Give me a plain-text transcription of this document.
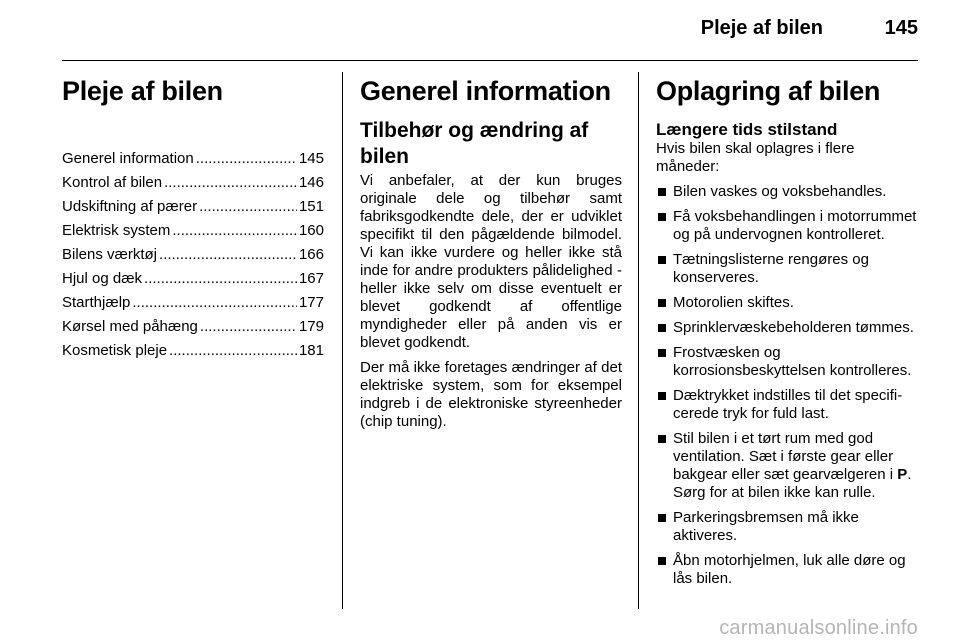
Pleje af bilen	145
Pleje af bilen
Generel information .....	145
Kontrol af bilen .....	146
Udskiftning af pærer .....	151
Elektrisk system .....	160
Bilens værktøj .....	166
Hjul og dæk .....	167
Starthjælp .....	177
Kørsel med påhæng .....	179
Kosmetisk pleje .....	181
Generel information
Tilbehør og ændring af bilen

Vi anbefaler, at der kun bruges originale dele og tilbehør samt fabriksgodkendte dele, der er udviklet specifikt til den pågældende bilmodel. Vi kan ikke vurdere og heller ikke stå inde for andre produkters pålidelighed - heller ikke selv om disse eventuelt er blevet godkendt af offentlige myndigheder eller på anden vis er blevet godkendt.

Der må ikke foretages ændringer af det elektriske system, som for eksempel indgreb i de elektroniske styreenheder (chip tuning).

Oplagring af bilen
Længere tids stilstand

Hvis bilen skal oplagres i flere måneder:

Bilen vaskes og voksbehandles.
Få voksbehandlingen i motorrummet og på undervognen kontrolleret.
Tætningslisterne rengøres og konserveres.
Motorolien skiftes.
Sprinklervæskebeholderen tømmes.
Frostvæsken og korrosionsbeskyttelsen kontrolleres.
Dæktrykket indstilles til det specificerede tryk for fuld last.
Stil bilen i et tørt rum med god ventilation. Sæt i første gear eller bakgear eller sæt gearvælgeren i P. Sørg for at bilen ikke kan rulle.
Parkeringsbremsen må ikke aktiveres.
Åbn motorhjelmen, luk alle døre og lås bilen.
carmanualsonline.info
